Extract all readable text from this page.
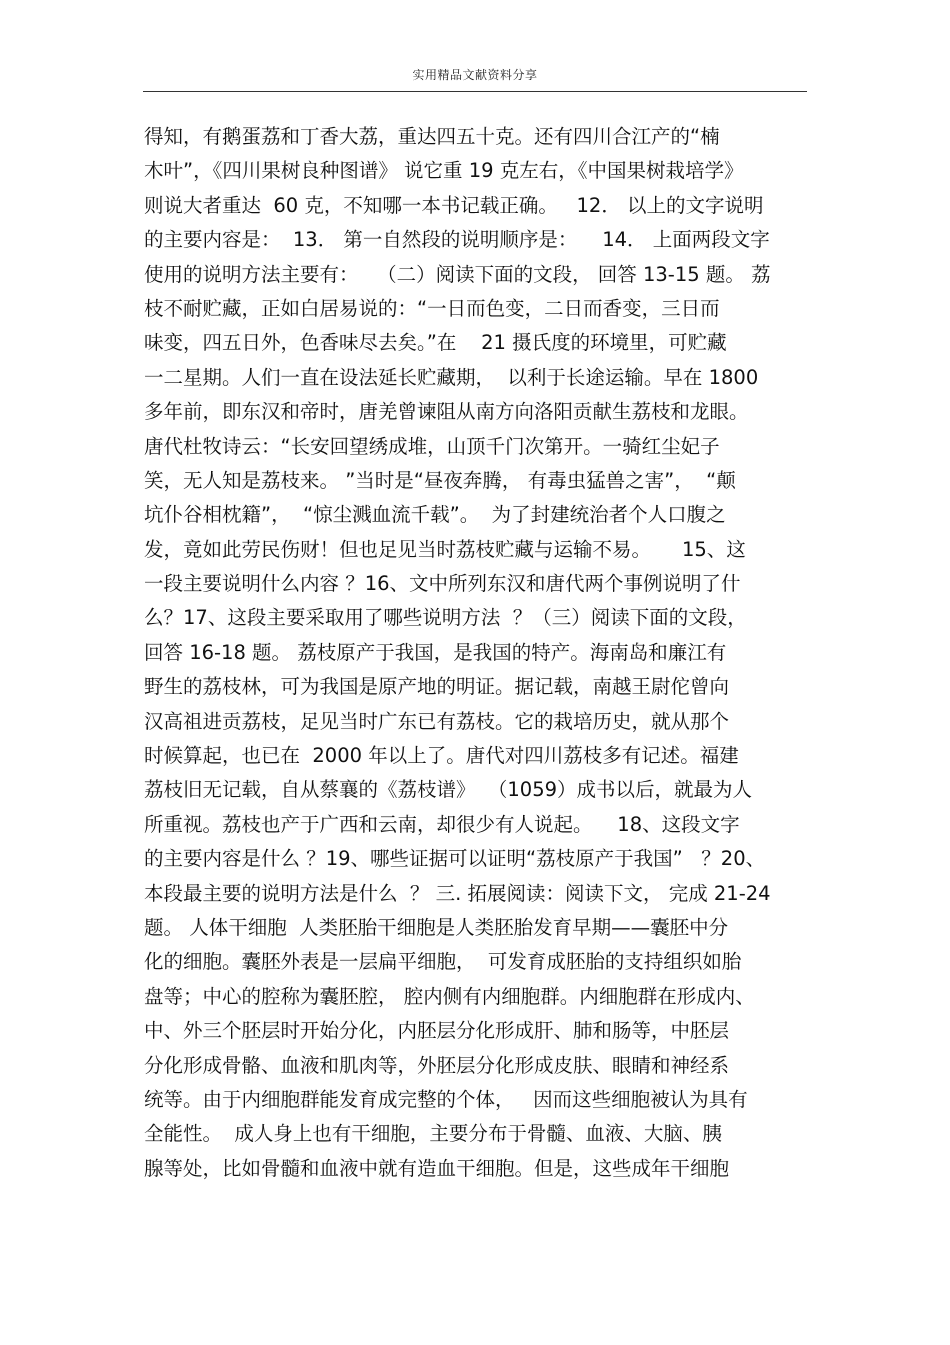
实用精品文献资料分享
得知，有鹅蛋荔和丁香大荔，重达四五十克。还有四川合江产的“楠
木叶”，《四川果树良种图谱》 说它重 19 克左右，《中国果树栽培学》
则说大者重达  60 克，不知哪一本书记载正确。   12． 以上的文字说明
的主要内容是：  13． 第一自然段的说明顺序是：    14． 上面两段文字
使用的说明方法主要有：   （二）阅读下面的文段， 回答 13-15 题。 荔
枝不耐贮藏，正如白居易说的：“一日而色变，二日而香变，三日而
味变，四五日外，色香味尽去矣。”在    21 摄氏度的环境里，可贮藏
一二星期。人们一直在设法延长贮藏期，  以利于长途运输。早在 1800
多年前，即东汉和帝时，唐羌曾谏阻从南方向洛阳贡献生荔枝和龙眼。
唐代杜牧诗云：“长安回望绣成堆，山顶千门次第开。一骑红尘妃子
笑，无人知是荔枝来。 ”当时是“昼夜奔腾， 有毒虫猛兽之害”，  “颠
坑仆谷相枕籍”，  “惊尘溅血流千载”。  为了封建统治者个人口腹之
发，竟如此劳民伤财！但也足见当时荔枝贮藏与运输不易。     15、这
一段主要说明什么内容 ？16、文中所列东汉和唐代两个事例说明了什
么？17、这段主要采取用了哪些说明方法  ？（三）阅读下面的文段，
回答 16-18 题。 荔枝原产于我国，是我国的特产。海南岛和廉江有
野生的荔枝林，可为我国是原产地的明证。据记载，南越王尉佗曾向
汉高祖进贡荔枝，足见当时广东已有荔枝。它的栽培历史，就从那个
时候算起，也已在  2000 年以上了。唐代对四川荔枝多有记述。福建
荔枝旧无记载，自从蔡襄的《荔枝谱》  （1059）成书以后，就最为人
所重视。荔枝也产于广西和云南，却很少有人说起。    18、这段文字
的主要内容是什么 ？19、哪些证据可以证明“荔枝原产于我国”   ？20、
本段最主要的说明方法是什么  ？ 三. 拓展阅读：阅读下文， 完成 21-24
题。 人体干细胞  人类胚胎干细胞是人类胚胎发育早期——囊胚中分
化的细胞。囊胚外表是一层扁平细胞，  可发育成胚胎的支持组织如胎
盘等；中心的腔称为囊胚腔， 腔内侧有内细胞群。内细胞群在形成内、
中、外三个胚层时开始分化，内胚层分化形成肝、肺和肠等，中胚层
分化形成骨骼、血液和肌肉等，外胚层分化形成皮肤、眼睛和神经系
统等。由于内细胞群能发育成完整的个体，   因而这些细胞被认为具有
全能性。  成人身上也有干细胞，主要分布于骨髓、血液、大脑、胰
腺等处，比如骨髓和血液中就有造血干细胞。但是，这些成年干细胞
